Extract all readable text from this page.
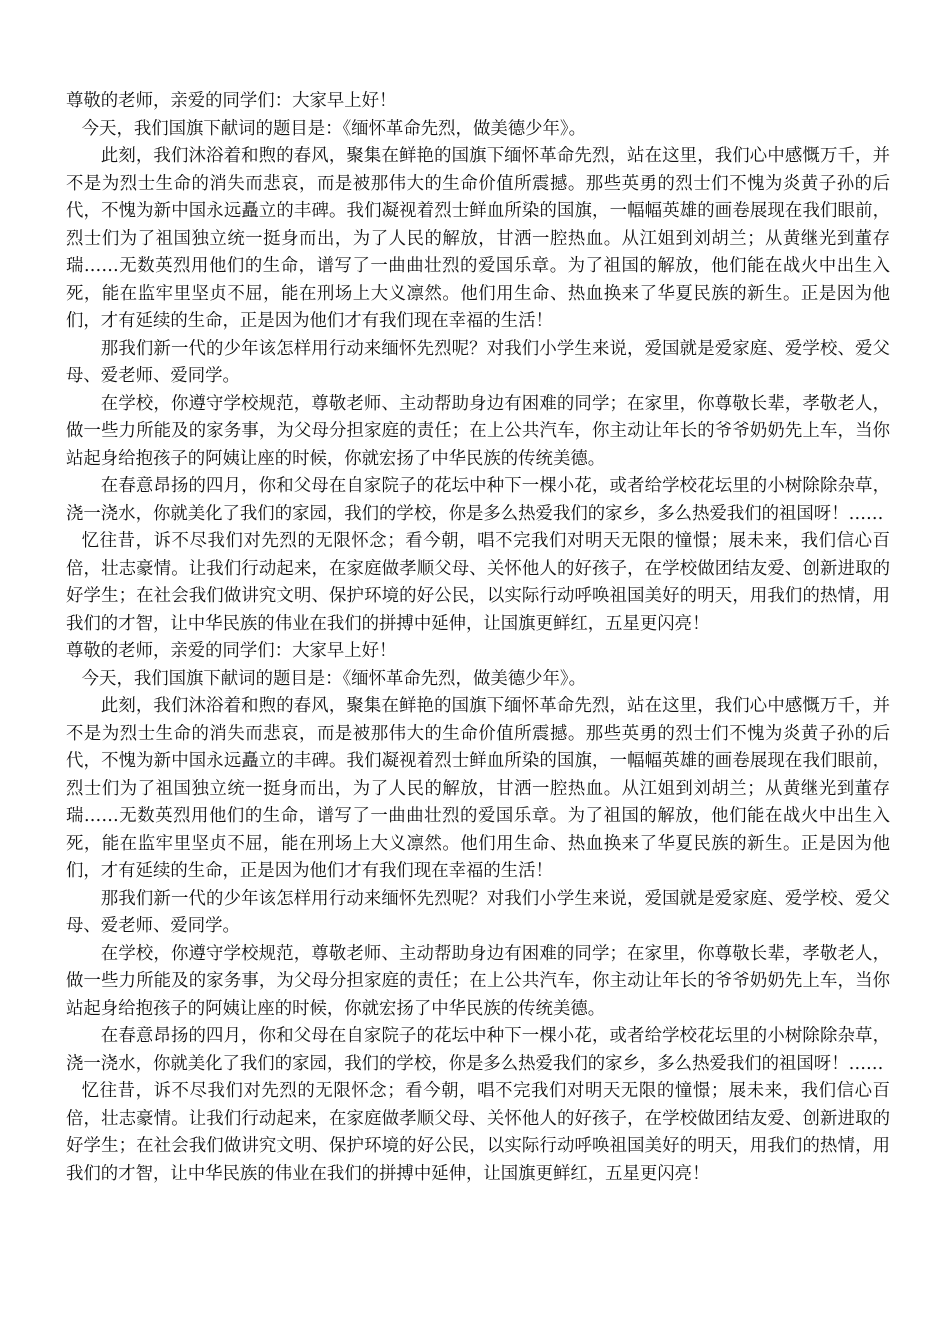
尊敬的老师，亲爱的同学们：大家早上好！

今天，我们国旗下献词的题目是：《缅怀革命先烈，做美德少年》。

此刻，我们沐浴着和煦的春风，聚集在鲜艳的国旗下缅怀革命先烈，站在这里，我们心中感慨万千，并不是为烈士生命的消失而悲哀，而是被那伟大的生命价值所震撼。那些英勇的烈士们不愧为炎黄子孙的后代，不愧为新中国永远矗立的丰碑。我们凝视着烈士鲜血所染的国旗，一幅幅英雄的画卷展现在我们眼前，烈士们为了祖国独立统一挺身而出，为了人民的解放，甘洒一腔热血。从江姐到刘胡兰；从黄继光到董存瑞……无数英烈用他们的生命，谱写了一曲曲壮烈的爱国乐章。为了祖国的解放，他们能在战火中出生入死，能在监牢里坚贞不屈，能在刑场上大义凛然。他们用生命、热血换来了华夏民族的新生。正是因为他们，才有延续的生命，正是因为他们才有我们现在幸福的生活！

那我们新一代的少年该怎样用行动来缅怀先烈呢？对我们小学生来说，爱国就是爱家庭、爱学校、爱父母、爱老师、爱同学。

在学校，你遵守学校规范，尊敬老师、主动帮助身边有困难的同学；在家里，你尊敬长辈，孝敬老人，做一些力所能及的家务事，为父母分担家庭的责任；在上公共汽车，你主动让年长的爷爷奶奶先上车，当你站起身给抱孩子的阿姨让座的时候，你就宏扬了中华民族的传统美德。

在春意昂扬的四月，你和父母在自家院子的花坛中种下一棵小花，或者给学校花坛里的小树除除杂草，浇一浇水，你就美化了我们的家园，我们的学校，你是多么热爱我们的家乡，多么热爱我们的祖国呀！……

忆往昔，诉不尽我们对先烈的无限怀念；看今朝，唱不完我们对明天无限的憧憬；展未来，我们信心百倍，壮志豪情。让我们行动起来，在家庭做孝顺父母、关怀他人的好孩子，在学校做团结友爱、创新进取的好学生；在社会我们做讲究文明、保护环境的好公民，以实际行动呼唤祖国美好的明天，用我们的热情，用我们的才智，让中华民族的伟业在我们的拼搏中延伸，让国旗更鲜红，五星更闪亮！

尊敬的老师，亲爱的同学们：大家早上好！

今天，我们国旗下献词的题目是：《缅怀革命先烈，做美德少年》。

此刻，我们沐浴着和煦的春风，聚集在鲜艳的国旗下缅怀革命先烈，站在这里，我们心中感慨万千，并不是为烈士生命的消失而悲哀，而是被那伟大的生命价值所震撼。那些英勇的烈士们不愧为炎黄子孙的后代，不愧为新中国永远矗立的丰碑。我们凝视着烈士鲜血所染的国旗，一幅幅英雄的画卷展现在我们眼前，烈士们为了祖国独立统一挺身而出，为了人民的解放，甘洒一腔热血。从江姐到刘胡兰；从黄继光到董存瑞……无数英烈用他们的生命，谱写了一曲曲壮烈的爱国乐章。为了祖国的解放，他们能在战火中出生入死，能在监牢里坚贞不屈，能在刑场上大义凛然。他们用生命、热血换来了华夏民族的新生。正是因为他们，才有延续的生命，正是因为他们才有我们现在幸福的生活！

那我们新一代的少年该怎样用行动来缅怀先烈呢？对我们小学生来说，爱国就是爱家庭、爱学校、爱父母、爱老师、爱同学。

在学校，你遵守学校规范，尊敬老师、主动帮助身边有困难的同学；在家里，你尊敬长辈，孝敬老人，做一些力所能及的家务事，为父母分担家庭的责任；在上公共汽车，你主动让年长的爷爷奶奶先上车，当你站起身给抱孩子的阿姨让座的时候，你就宏扬了中华民族的传统美德。

在春意昂扬的四月，你和父母在自家院子的花坛中种下一棵小花，或者给学校花坛里的小树除除杂草，浇一浇水，你就美化了我们的家园，我们的学校，你是多么热爱我们的家乡，多么热爱我们的祖国呀！……

忆往昔，诉不尽我们对先烈的无限怀念；看今朝，唱不完我们对明天无限的憧憬；展未来，我们信心百倍，壮志豪情。让我们行动起来，在家庭做孝顺父母、关怀他人的好孩子，在学校做团结友爱、创新进取的好学生；在社会我们做讲究文明、保护环境的好公民，以实际行动呼唤祖国美好的明天，用我们的热情，用我们的才智，让中华民族的伟业在我们的拼搏中延伸，让国旗更鲜红，五星更闪亮！
